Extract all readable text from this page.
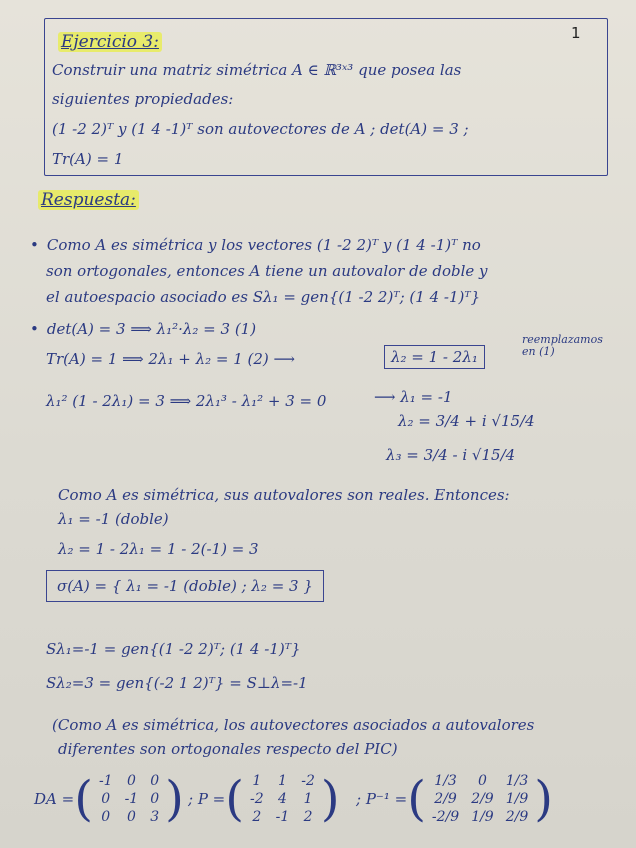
1
Ejercicio 3:
Construir una matriz simétrica A ∈ ℝ³ˣ³ que posea las
siguientes propiedades:
(1 -2 2)ᵀ y (1 4 -1)ᵀ son autovectores de A ; det(A) = 3 ;
Tr(A) = 1
Respuesta:
• Como A es simétrica y los vectores (1 -2 2)ᵀ y (1 4 -1)ᵀ no
son ortogonales, entonces A tiene un autovalor de doble y
el autoespacio asociado es Sλ₁ = gen{(1 -2 2)ᵀ; (1 4 -1)ᵀ}
• det(A) = 3 ⟹ λ₁²·λ₂ = 3 (1)
Tr(A) = 1 ⟹ 2λ₁ + λ₂ = 1 (2) ⟶	λ₂ = 1 - 2λ₁
reemplazamos en (1)
λ₁² (1 - 2λ₁) = 3 ⟹ 2λ₁³ - λ₁² + 3 = 0	⟶ λ₁ = -1
λ₂ = 3/4 + i √15/4
λ₃ = 3/4 - i √15/4
Como A es simétrica, sus autovalores son reales. Entonces:
λ₁ = -1 (doble)
λ₂ = 1 - 2λ₁ = 1 - 2(-1) = 3
σ(A) = { λ₁ = -1 (doble) ; λ₂ = 3 }
Sλ₁=-1 = gen{(1 -2 2)ᵀ; (1 4 -1)ᵀ}
Sλ₂=3 = gen{(-2 1 2)ᵀ} = S⊥λ=-1
(Como A es simétrica, los autovectores asociados a autovalores
diferentes son ortogonales respecto del PIC)
DA =( -1	0	0
0	-1	0
0	0	3 ) ; P =( 1	1	-2
-2	4	1
2	-1	2 ) ; P⁻¹ =( 1/3	0	1/3
2/9	2/9	1/9
-2/9	1/9	2/9 )
